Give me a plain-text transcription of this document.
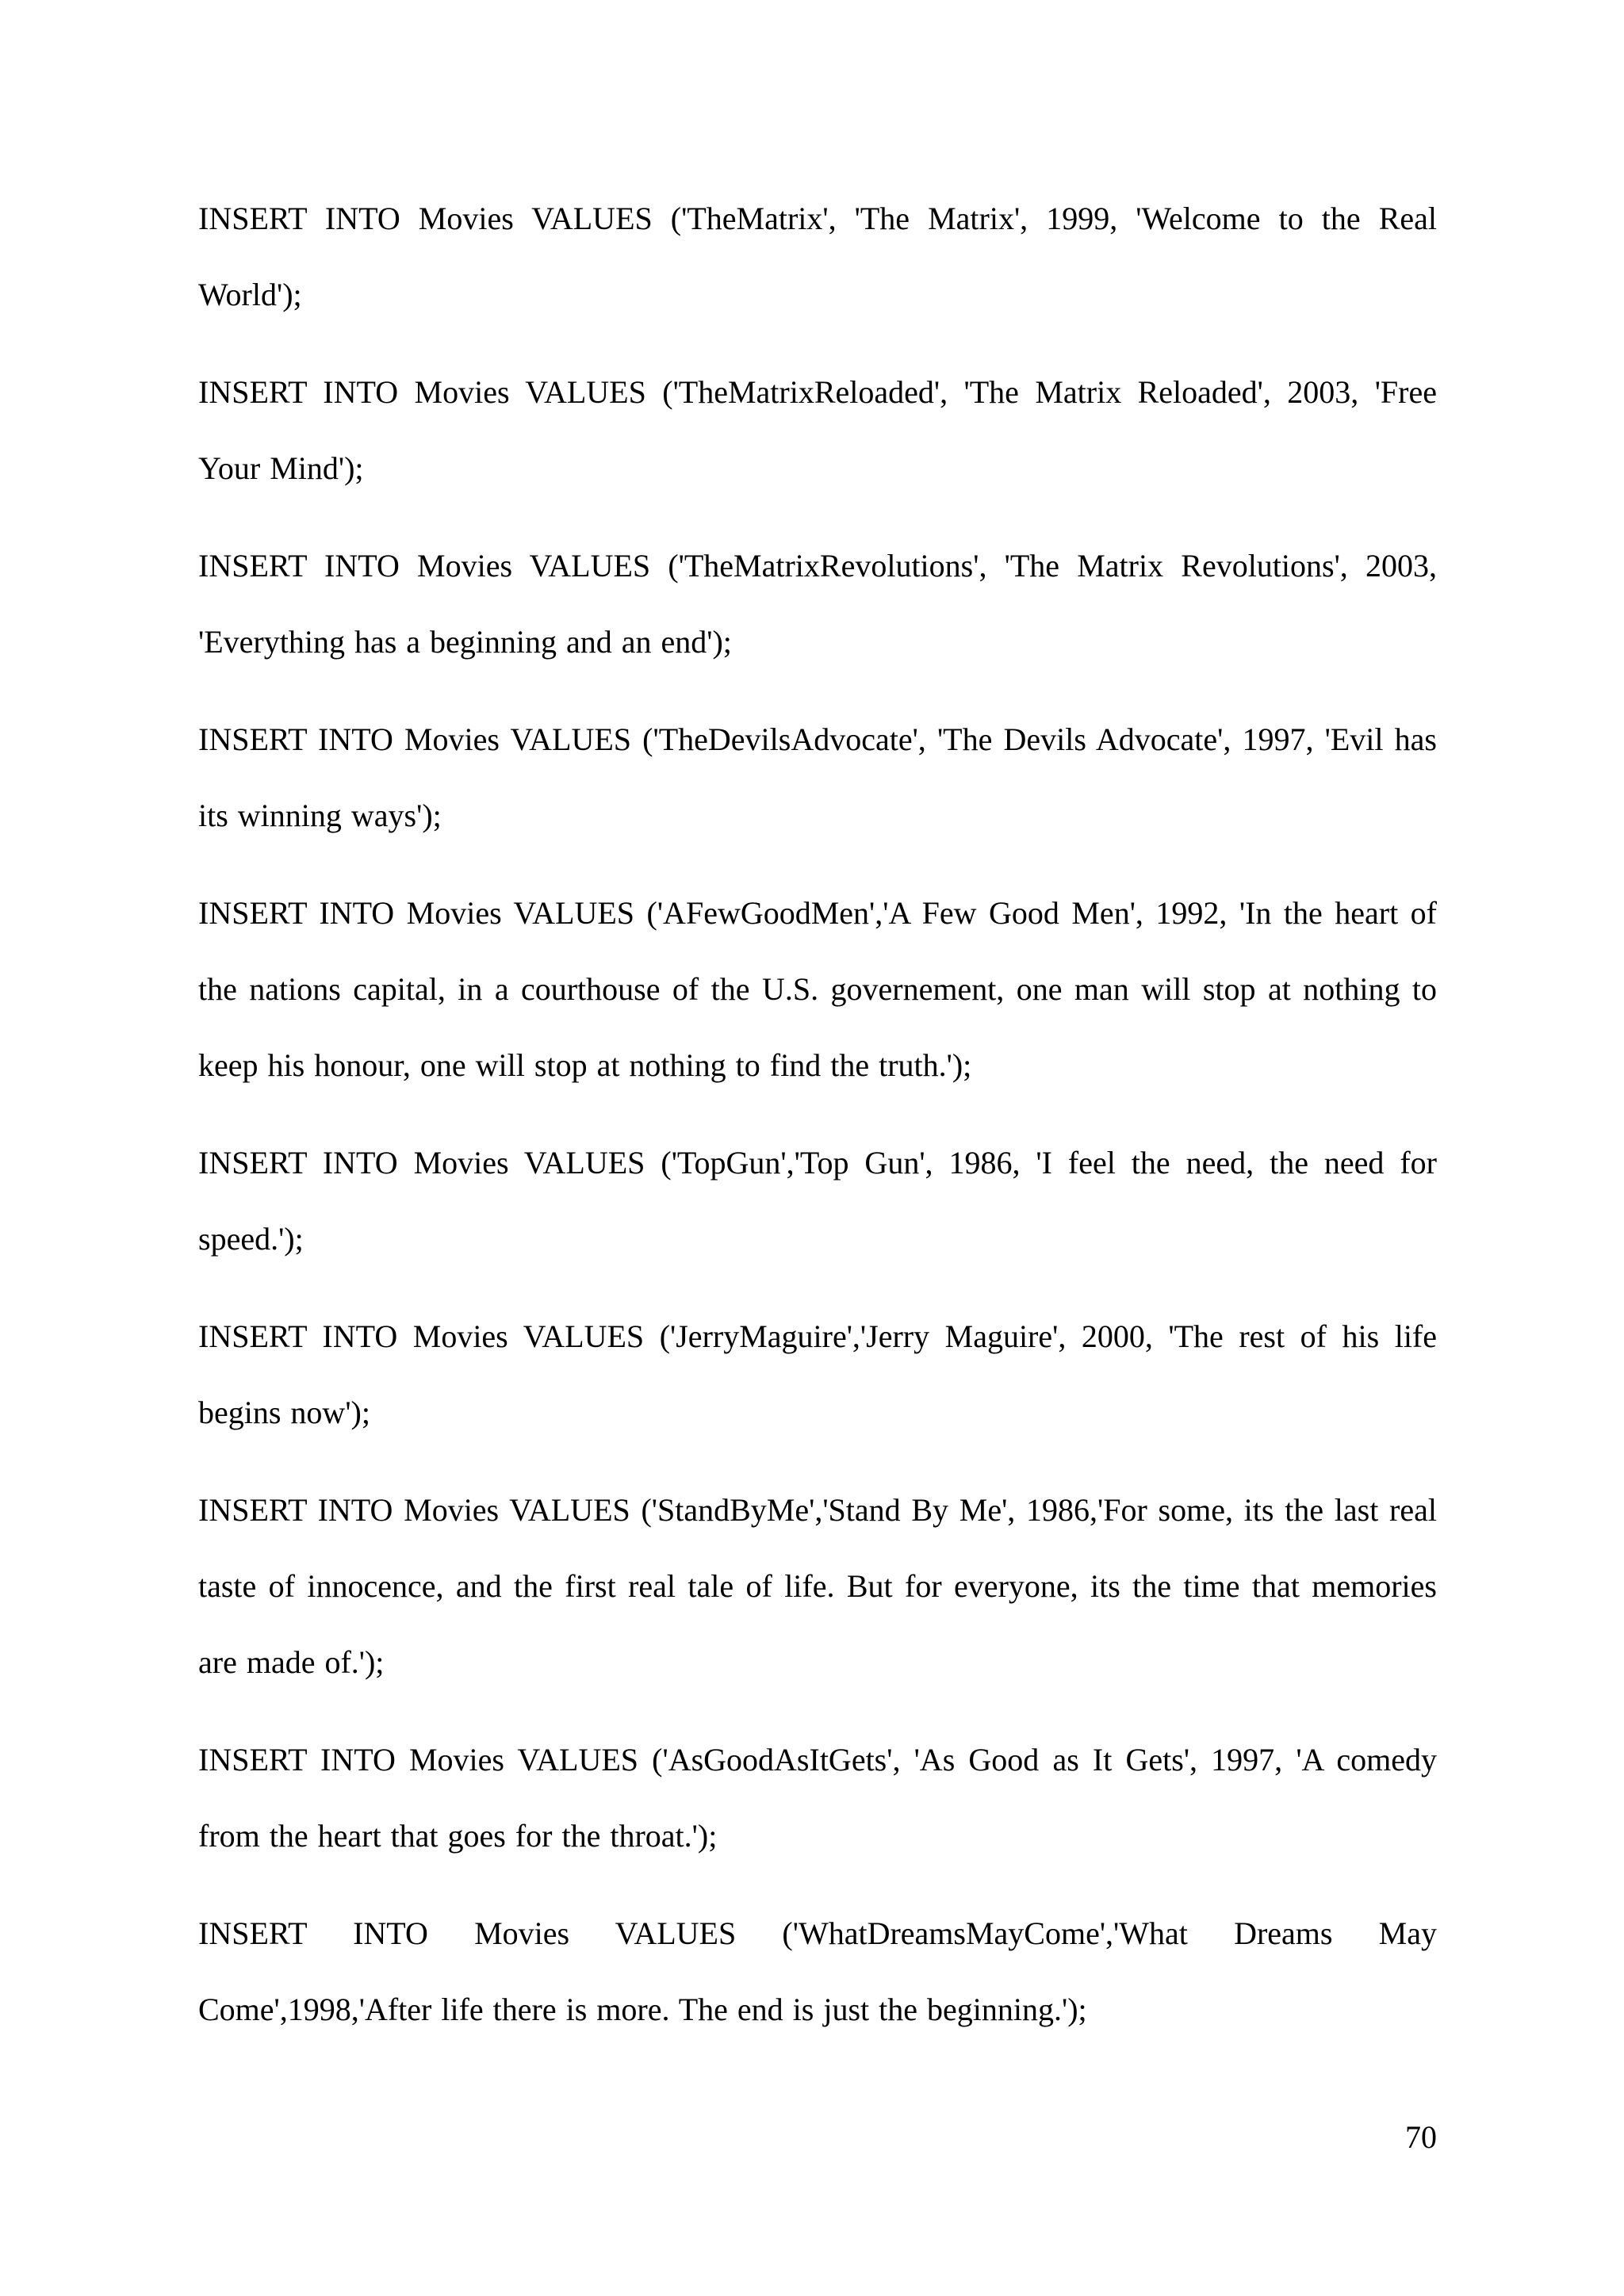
INSERT INTO Movies VALUES ('TheMatrix', 'The Matrix', 1999, 'Welcome to the Real World');

INSERT INTO Movies VALUES ('TheMatrixReloaded', 'The Matrix Reloaded', 2003, 'Free Your Mind');

INSERT INTO Movies VALUES ('TheMatrixRevolutions', 'The Matrix Revolutions', 2003, 'Everything has a beginning and an end');

INSERT INTO Movies VALUES ('TheDevilsAdvocate', 'The Devils Advocate', 1997, 'Evil has its winning ways');

INSERT INTO Movies VALUES ('AFewGoodMen','A Few Good Men', 1992, 'In the heart of the nations capital, in a courthouse of the U.S. governement, one man will stop at nothing to keep his honour, one will stop at nothing to find the truth.');

INSERT INTO Movies VALUES ('TopGun','Top Gun', 1986, 'I feel the need, the need for speed.');

INSERT INTO Movies VALUES ('JerryMaguire','Jerry Maguire', 2000, 'The rest of his life begins now');

INSERT INTO Movies VALUES ('StandByMe','Stand By Me', 1986,'For some, its the last real taste of innocence, and the first real tale of life. But for everyone, its the time that memories are made of.');

INSERT INTO Movies VALUES ('AsGoodAsItGets', 'As Good as It Gets', 1997, 'A comedy from the heart that goes for the throat.');

INSERT INTO Movies VALUES ('WhatDreamsMayCome','What Dreams May Come',1998,'After life there is more. The end is just the beginning.');

70
